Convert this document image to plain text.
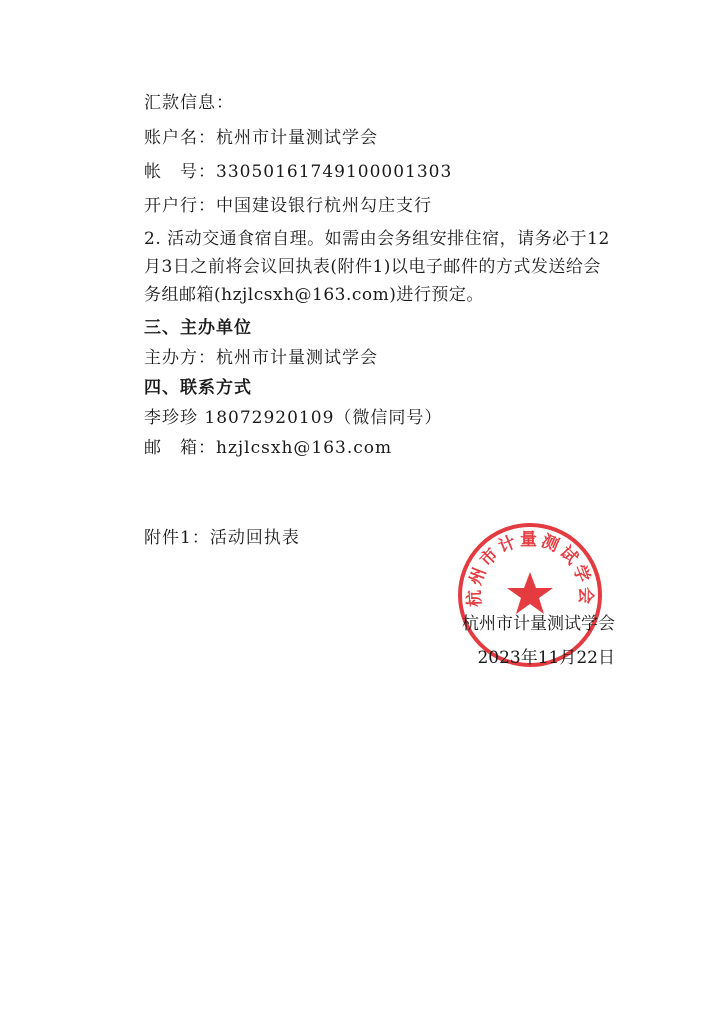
汇款信息：
账户名：杭州市计量测试学会
帐　号：33050161749100001303
开户行：中国建设银行杭州勾庄支行
2. 活动交通食宿自理。如需由会务组安排住宿，请务必于12月3日之前将会议回执表(附件1)以电子邮件的方式发送给会务组邮箱(hzjlcsxh@163.com)进行预定。
三、主办单位
主办方：杭州市计量测试学会
四、联系方式
李珍珍 18072920109（微信同号）
邮　箱：hzjlcsxh@163.com
附件1：活动回执表
杭州市计量测试学会
杭州市计量测试学会
2023年11月22日
